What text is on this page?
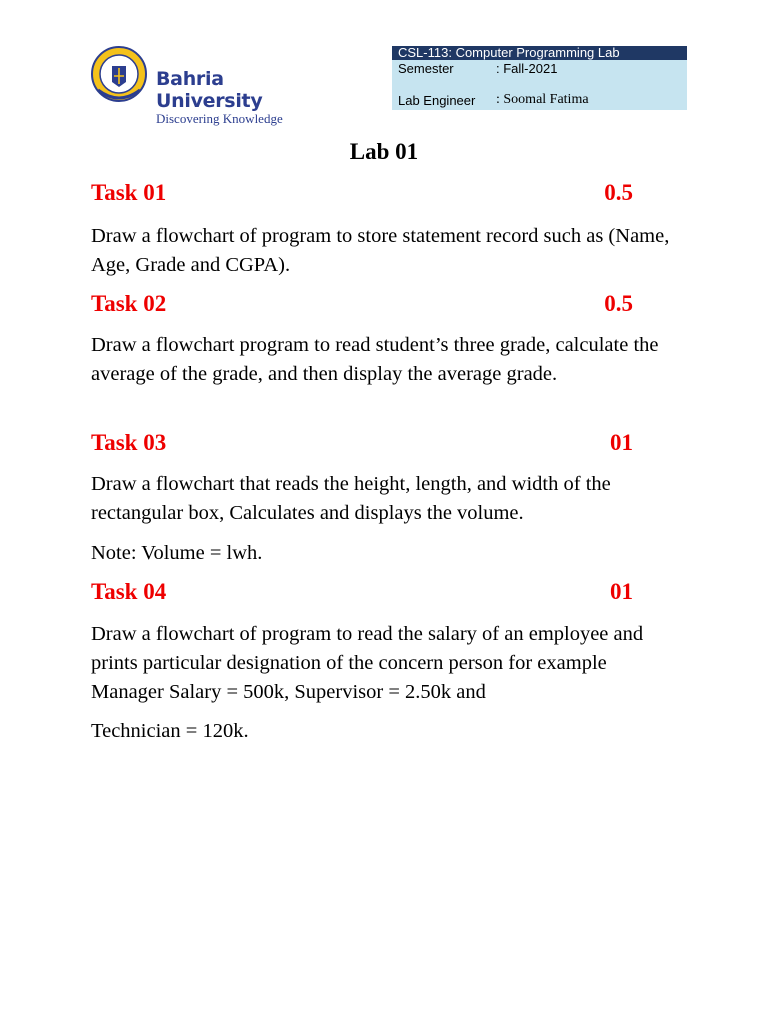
Bahria University
Discovering Knowledge
CSL-113: Computer Programming Lab	
Semester	: Fall-2021
Lab Engineer	: Soomal Fatima
Lab 01
Task 01	0.5

Draw a flowchart of program to store statement record such as (Name, Age, Grade and CGPA).

Task 02	0.5

Draw a flowchart program to read student’s three grade, calculate the average of the grade, and then display the average grade.

Task 03	01

Draw a flowchart that reads the height, length, and width of the rectangular box, Calculates and displays the volume.

Note: Volume = lwh.

Task 04	01

Draw a flowchart of program to read the salary of an employee and prints particular designation of the concern person for example Manager Salary = 500k, Supervisor = 2.50k and

Technician = 120k.
